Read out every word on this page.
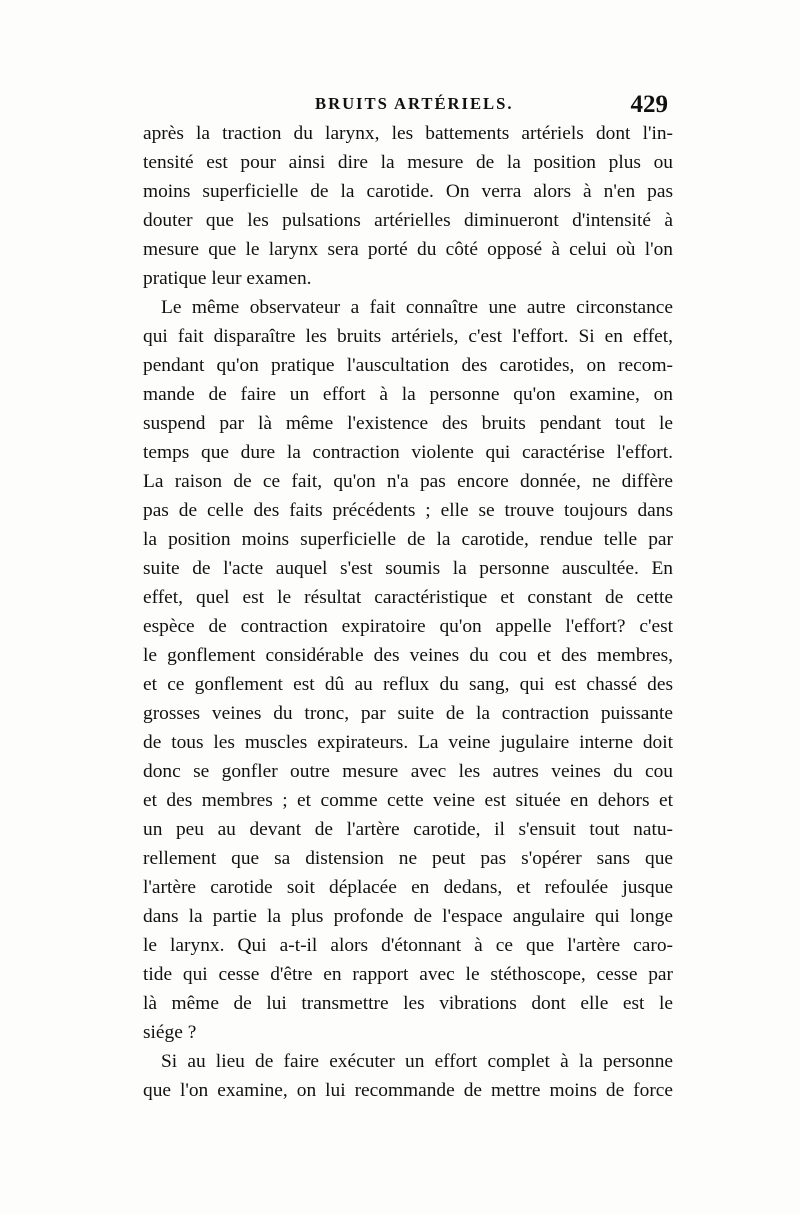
BRUITS ARTÉRIELS.	429
après la traction du larynx, les battements artériels dont l'in-
tensité est pour ainsi dire la mesure de la position plus ou
moins superficielle de la carotide. On verra alors à n'en pas
douter que les pulsations artérielles diminueront d'intensité à
mesure que le larynx sera porté du côté opposé à celui où l'on
pratique leur examen.
Le même observateur a fait connaître une autre circonstance
qui fait disparaître les bruits artériels, c'est l'effort. Si en effet,
pendant qu'on pratique l'auscultation des carotides, on recom-
mande de faire un effort à la personne qu'on examine, on
suspend par là même l'existence des bruits pendant tout le
temps que dure la contraction violente qui caractérise l'effort.
La raison de ce fait, qu'on n'a pas encore donnée, ne diffère
pas de celle des faits précédents ; elle se trouve toujours dans
la position moins superficielle de la carotide, rendue telle par
suite de l'acte auquel s'est soumis la personne auscultée. En
effet, quel est le résultat caractéristique et constant de cette
espèce de contraction expiratoire qu'on appelle l'effort? c'est
le gonflement considérable des veines du cou et des membres,
et ce gonflement est dû au reflux du sang, qui est chassé des
grosses veines du tronc, par suite de la contraction puissante
de tous les muscles expirateurs. La veine jugulaire interne doit
donc se gonfler outre mesure avec les autres veines du cou
et des membres ; et comme cette veine est située en dehors et
un peu au devant de l'artère carotide, il s'ensuit tout natu-
rellement que sa distension ne peut pas s'opérer sans que
l'artère carotide soit déplacée en dedans, et refoulée jusque
dans la partie la plus profonde de l'espace angulaire qui longe
le larynx. Qui a-t-il alors d'étonnant à ce que l'artère caro-
tide qui cesse d'être en rapport avec le stéthoscope, cesse par
là même de lui transmettre les vibrations dont elle est le
siége ?
Si au lieu de faire exécuter un effort complet à la personne
que l'on examine, on lui recommande de mettre moins de force
